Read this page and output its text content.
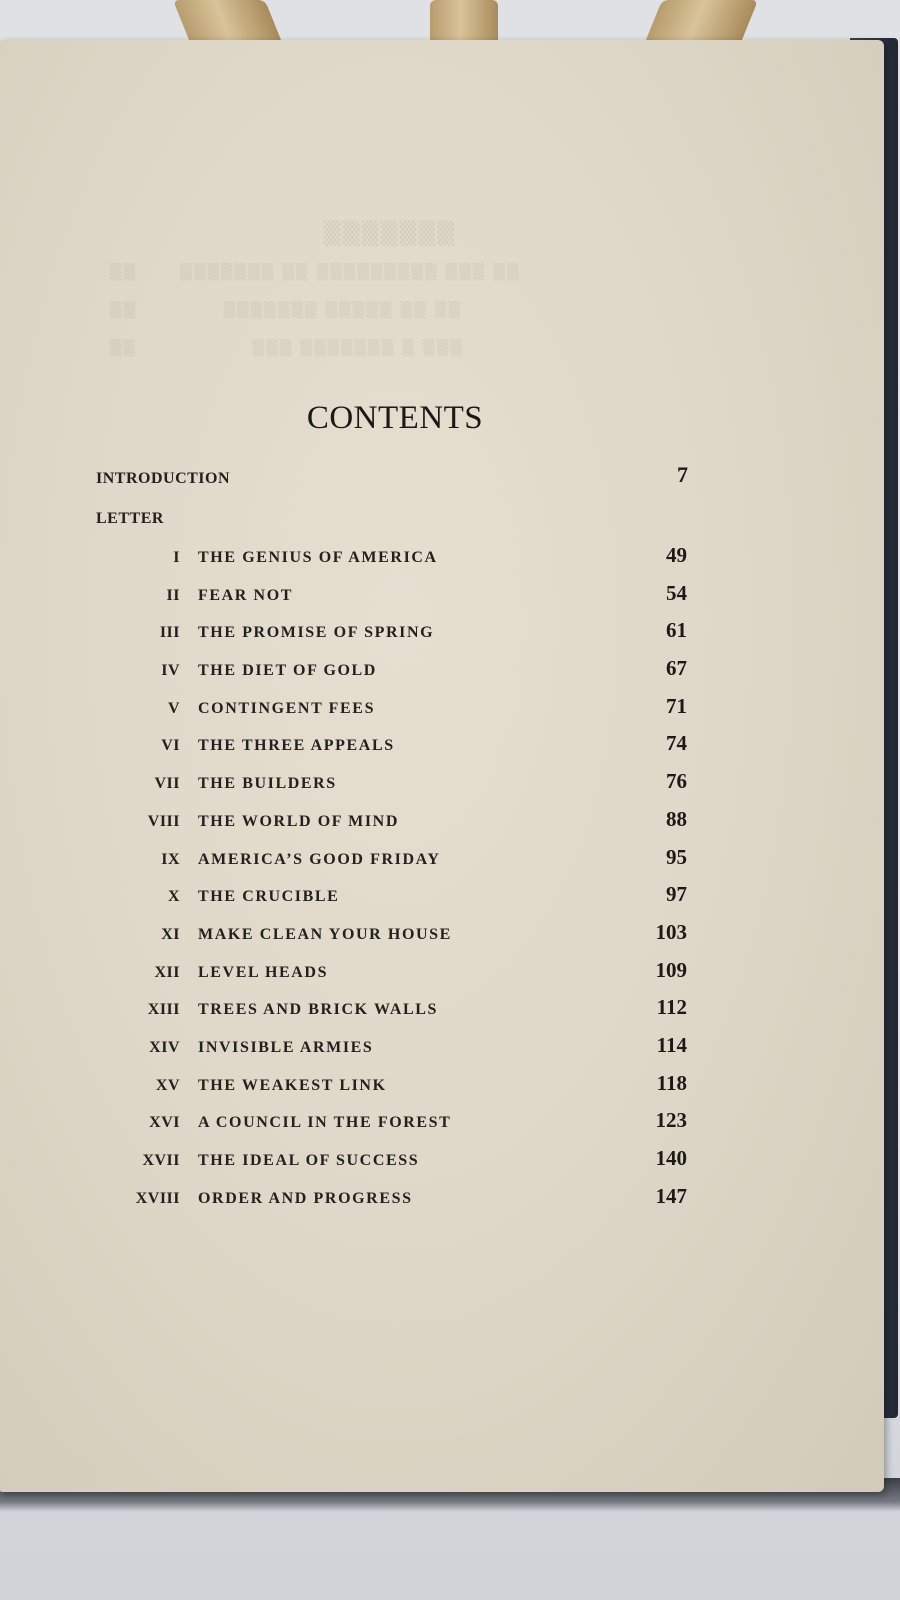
▒▒▒▒▒▒▒
▒▒      ▒▒▒▒▒▒▒ ▒▒ ▒▒▒▒▒▒▒▒▒ ▒▒▒ ▒▒
▒▒            ▒▒▒▒▒▒▒ ▒▒▒▒▒ ▒▒ ▒▒
▒▒                ▒▒▒ ▒▒▒▒▒▒▒ ▒ ▒▒▒
CONTENTS
INTRODUCTION	7
LETTER
I THE GENIUS OF AMERICA	49
II FEAR NOT	54
III THE PROMISE OF SPRING	61
IV THE DIET OF GOLD	67
V CONTINGENT FEES	71
VI THE THREE APPEALS	74
VII THE BUILDERS	76
VIII THE WORLD OF MIND	88
IX AMERICA’S GOOD FRIDAY	95
X THE CRUCIBLE	97
XI MAKE CLEAN YOUR HOUSE	103
XII LEVEL HEADS	109
XIII TREES AND BRICK WALLS	112
XIV INVISIBLE ARMIES	114
XV THE WEAKEST LINK	118
XVI A COUNCIL IN THE FOREST	123
XVII THE IDEAL OF SUCCESS	140
XVIII ORDER AND PROGRESS	147
